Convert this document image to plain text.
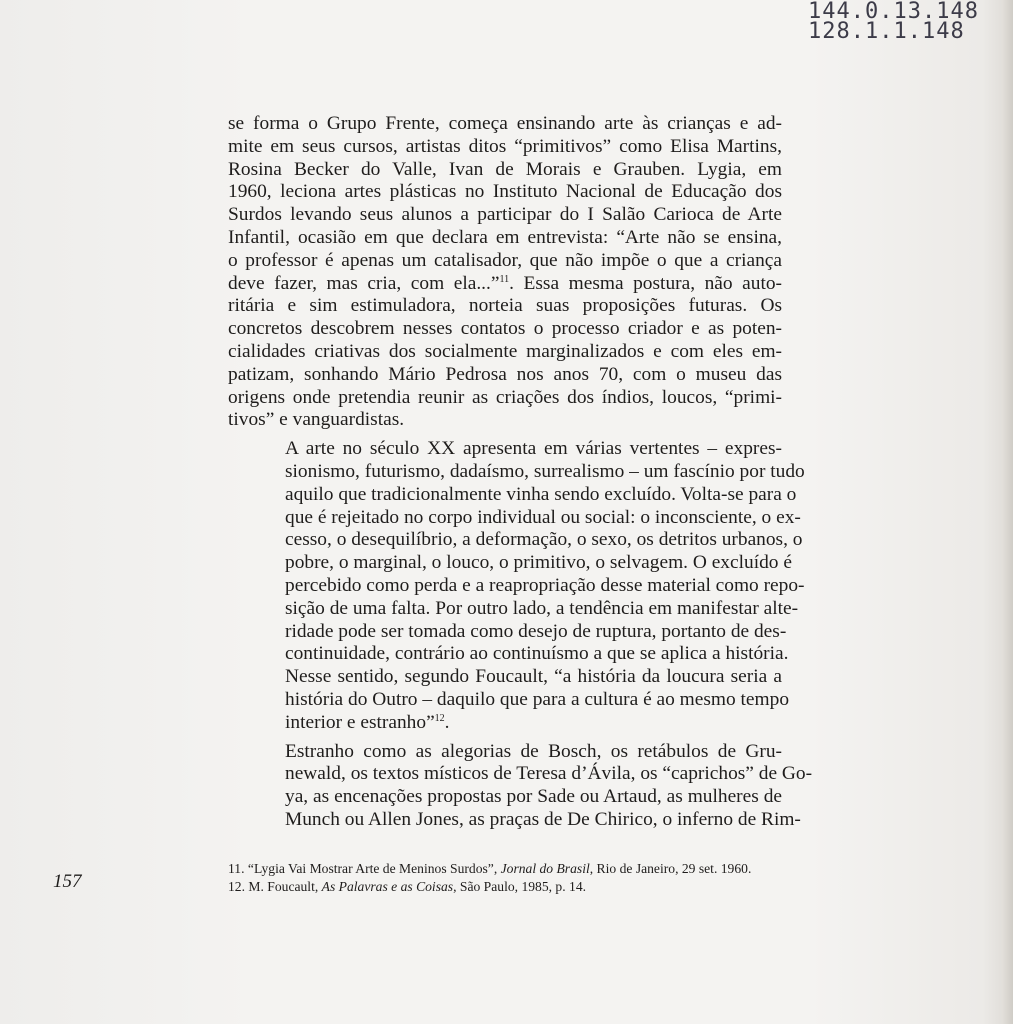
144.0.13.148
128.1.1.148

se forma o Grupo Frente, começa ensinando arte às crianças e ad-
mite em seus cursos, artistas ditos “primitivos” como Elisa Martins,
Rosina Becker do Valle, Ivan de Morais e Grauben. Lygia, em
1960, leciona artes plásticas no Instituto Nacional de Educação dos
Surdos levando seus alunos a participar do I Salão Carioca de Arte
Infantil, ocasião em que declara em entrevista: “Arte não se ensina,
o professor é apenas um catalisador, que não impõe o que a criança
deve fazer, mas cria, com ela...”$^{11}$. Essa mesma postura, não auto-
ritária e sim estimuladora, norteia suas proposições futuras. Os
concretos descobrem nesses contatos o processo criador e as poten-
cialidades criativas dos socialmente marginalizados e com eles em-
patizam, sonhando Mário Pedrosa nos anos 70, com o museu das
origens onde pretendia reunir as criações dos índios, loucos, “primi-
tivos” e vanguardistas.

A arte no século XX apresenta em várias vertentes – expres-
sionismo, futurismo, dadaísmo, surrealismo – um fascínio por tudo
aquilo que tradicionalmente vinha sendo excluído. Volta-se para o
que é rejeitado no corpo individual ou social: o inconsciente, o ex-
cesso, o desequilíbrio, a deformação, o sexo, os detritos urbanos, o
pobre, o marginal, o louco, o primitivo, o selvagem. O excluído é
percebido como perda e a reapropriação desse material como repo-
sição de uma falta. Por outro lado, a tendência em manifestar alte-
ridade pode ser tomada como desejo de ruptura, portanto de des-
continuidade, contrário ao continuísmo a que se aplica a história.
Nesse sentido, segundo Foucault, “a história da loucura seria a
história do Outro – daquilo que para a cultura é ao mesmo tempo
interior e estranho”$^{12}$.

Estranho como as alegorias de Bosch, os retábulos de Gru-
newald, os textos místicos de Teresa d’Ávila, os “caprichos” de Go-
ya, as encenações propostas por Sade ou Artaud, as mulheres de
Munch ou Allen Jones, as praças de De Chirico, o inferno de Rim-

157
11. “Lygia Vai Mostrar Arte de Meninos Surdos”, Jornal do Brasil, Rio de Janeiro, 29 set. 1960.
12. M. Foucault, As Palavras e as Coisas, São Paulo, 1985, p. 14.
